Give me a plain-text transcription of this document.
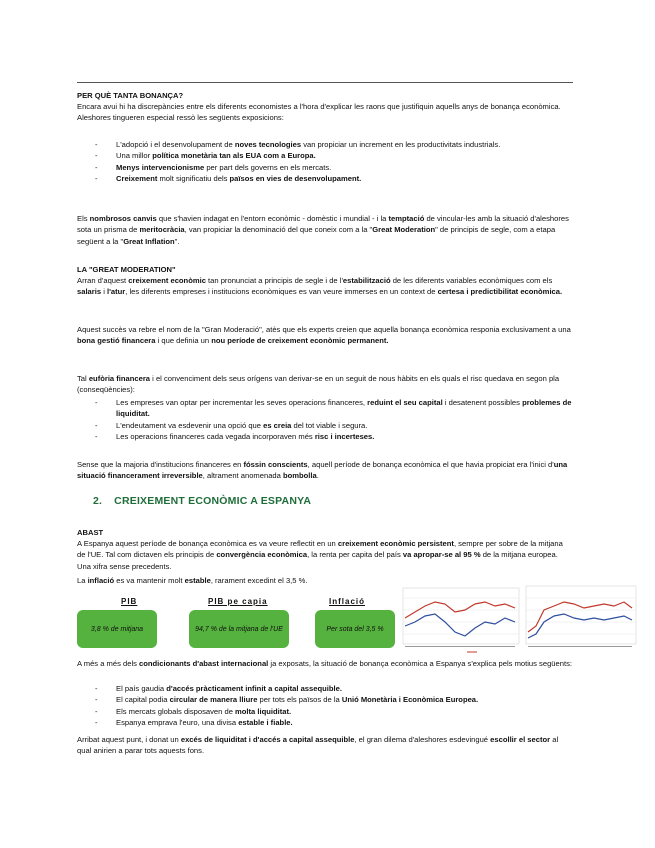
PER QUÈ TANTA BONANÇA?
Encara avui hi ha discrepàncies entre els diferents economistes a l'hora d'explicar les raons que justifiquin aquells anys de bonança econòmica. Aleshores tingueren especial ressò les següents exposicions:
- L'adopció i el desenvolupament de noves tecnologies van propiciar un increment en les productivitats industrials.
- Una millor política monetària tan als EUA com a Europa.
- Menys intervencionisme per part dels governs en els mercats.
- Creixement molt significatiu dels països en vies de desenvolupament.
Els nombrosos canvis que s'havien indagat en l'entorn econòmic - domèstic i mundial - i la temptació de vincular-les amb la situació d'aleshores sota un prisma de meritocràcia, van propiciar la denominació del que coneix com a la "Great Moderation" de principis de segle, com a etapa següent a la "Great Inflation".
LA "GREAT MODERATION"
Arran d'aquest creixement econòmic tan pronunciat a principis de segle i de l'estabilització de les diferents variables econòmiques com els salaris i l'atur, les diferents empreses i institucions econòmiques es van veure immerses en un context de certesa i predictibilitat econòmica.
Aquest succès va rebre el nom de la "Gran Moderació", atès que els experts creien que aquella bonança econòmica responia exclusivament a una bona gestió financera i que definia un nou període de creixement econòmic permanent.
Tal eufòria financera i el convenciment dels seus orígens van derivar-se en un seguit de nous hàbits en els quals el risc quedava en segon pla (conseqüències):
- Les empreses van optar per incrementar les seves operacions financeres, reduint el seu capital i desatenent possibles problemes de liquiditat.
- L'endeutament va esdevenir una opció que es creia del tot viable i segura.
- Les operacions financeres cada vegada incorporaven més risc i incerteses.
Sense que la majoria d'institucions financeres en fóssin conscients, aquell període de bonança econòmica el que havia propiciat era l'inici d'una situació financerament irreversible, altrament anomenada bombolla.
2. CREIXEMENT ECONÒMIC A ESPANYA
ABAST
A Espanya aquest període de bonança econòmica es va veure reflectit en un creixement econòmic persistent, sempre per sobre de la mitjana de l'UE. Tal com dictaven els principis de convergència econòmica, la renta per capita del país va apropar-se al 95 % de la mitjana europea. Una xifra sense precedents.
La inflació es va mantenir molt estable, rarament excedint el 3,5 %.
PIB	PIB pe capia	Inflació
3,8 % de mitjana	94,7 % de la mitjana de l'UE	Per sota del 3,5 %
A més a més dels condicionants d'abast internacional ja exposats, la situació de bonança econòmica a Espanya s'explica pels motius següents:
- El país gaudia d'accés pràcticament infinit a capital assequible.
- El capital podia circular de manera lliure per tots els països de la Unió Monetària i Econòmica Europea.
- Els mercats globals disposaven de molta liquiditat.
- Espanya emprava l'euro, una divisa estable i fiable.
Arribat aquest punt, i donat un excés de liquiditat i d'accés a capital assequible, el gran dilema d'aleshores esdevingué escollir el sector al qual anirien a parar tots aquests fons.
